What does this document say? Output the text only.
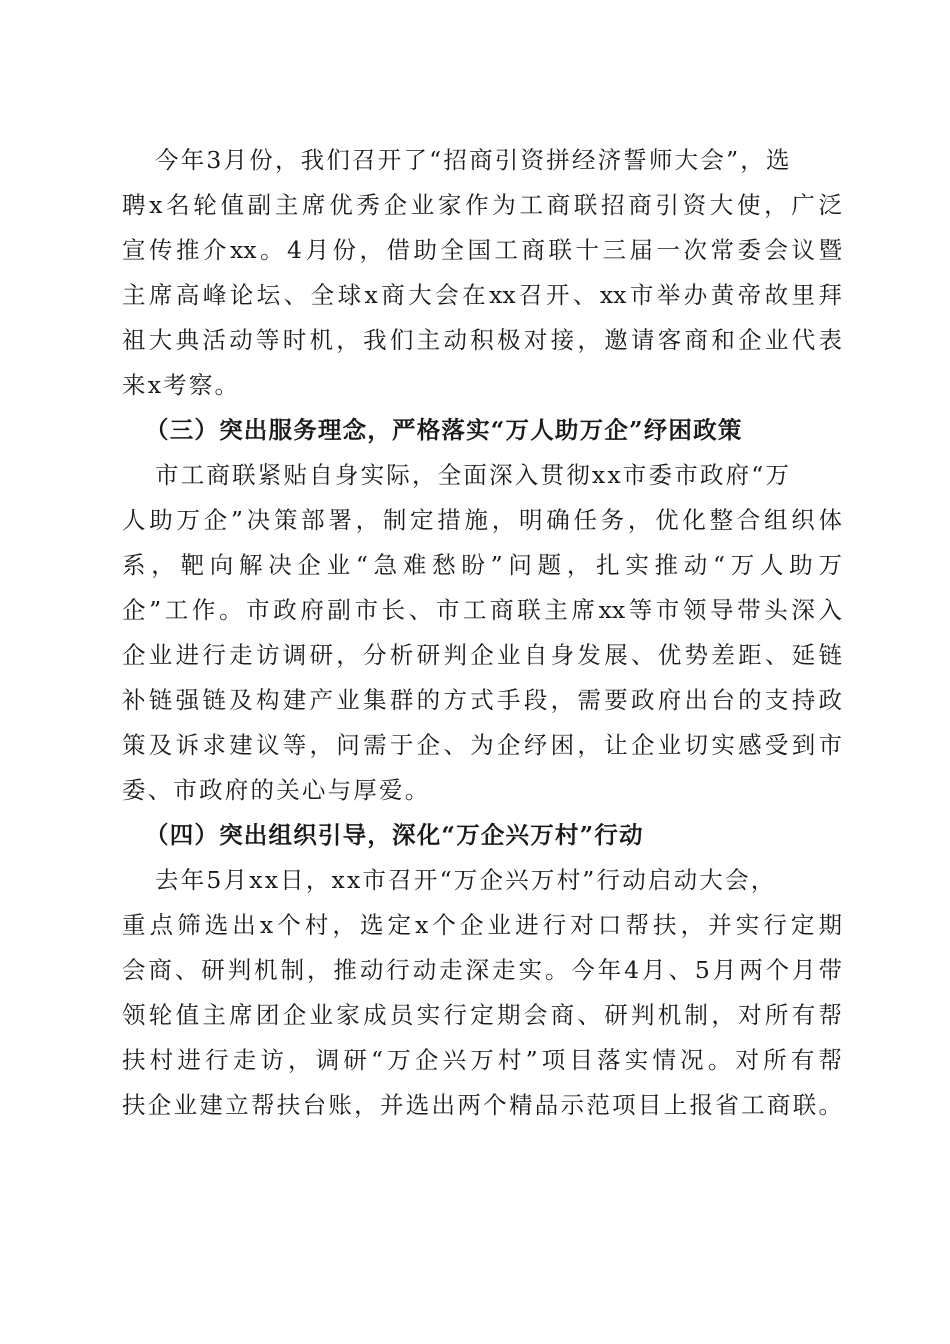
今年3月份，我们召开了“招商引资拼经济誓师大会”，选
聘x名轮值副主席优秀企业家作为工商联招商引资大使，广泛
宣传推介xx。4月份，借助全国工商联十三届一次常委会议暨
主席高峰论坛、全球x商大会在xx召开、xx市举办黄帝故里拜
祖大典活动等时机，我们主动积极对接，邀请客商和企业代表
来x考察。
（三）突出服务理念，严格落实“万人助万企”纾困政策
市工商联紧贴自身实际，全面深入贯彻xx市委市政府“万
人助万企”决策部署，制定措施，明确任务，优化整合组织体
系，靶向解决企业“急难愁盼”问题，扎实推动“万人助万
企”工作。市政府副市长、市工商联主席xx等市领导带头深入
企业进行走访调研，分析研判企业自身发展、优势差距、延链
补链强链及构建产业集群的方式手段，需要政府出台的支持政
策及诉求建议等，问需于企、为企纾困，让企业切实感受到市
委、市政府的关心与厚爱。
（四）突出组织引导，深化“万企兴万村”行动
去年5月xx日，xx市召开“万企兴万村”行动启动大会，
重点筛选出x个村，选定x个企业进行对口帮扶，并实行定期
会商、研判机制，推动行动走深走实。今年4月、5月两个月带
领轮值主席团企业家成员实行定期会商、研判机制，对所有帮
扶村进行走访，调研“万企兴万村”项目落实情况。对所有帮
扶企业建立帮扶台账，并选出两个精品示范项目上报省工商联。
